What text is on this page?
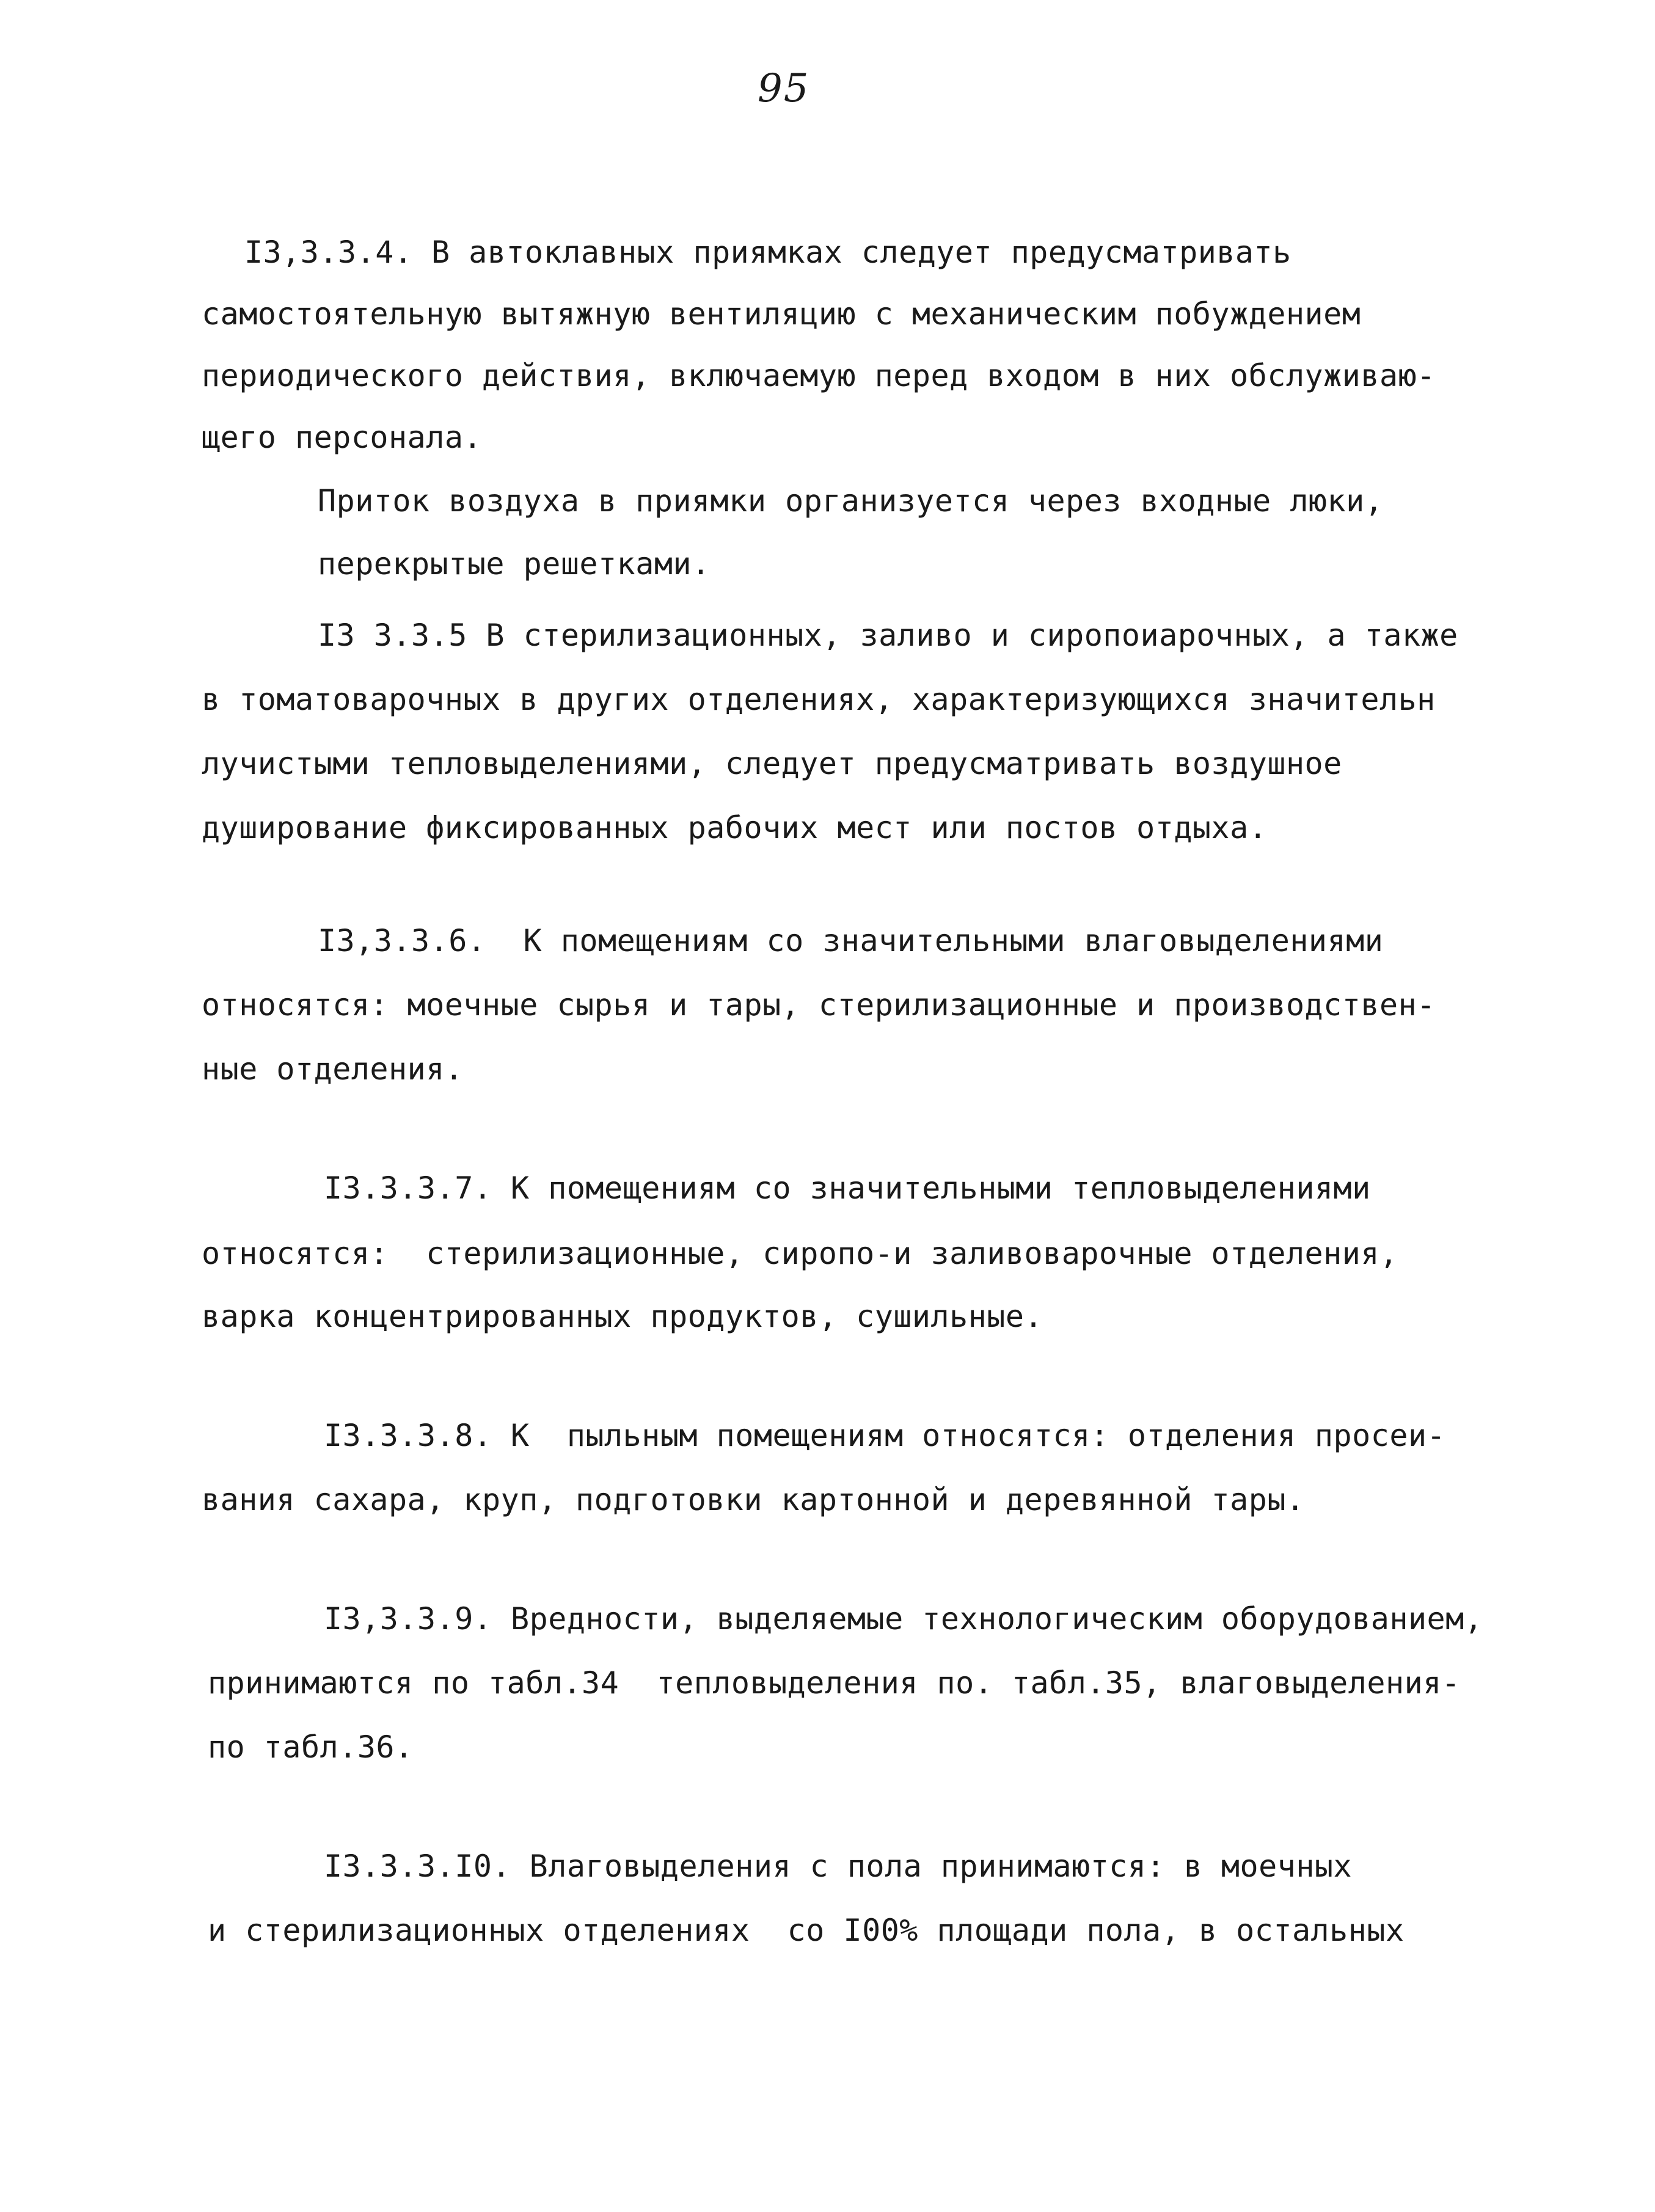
95
I3,3.3.4. В автоклавных приямках следует предусматривать
самостоятельную вытяжную вентиляцию с механическим побуждением
периодического действия, включаемую перед входом в них обслуживаю-
щего персонала.
Приток воздуха в приямки организуется через входные люки,
перекрытые решетками.
I3 3.3.5 В стерилизационных, заливо и сиропоиарочных, а также
в томатоварочных в других отделениях, характеризующихся значительн
лучистыми тепловыделениями, следует предусматривать воздушное
душирование фиксированных рабочих мест или постов отдыха.
I3,3.3.6.  К помещениям со значительными влаговыделениями
относятся: моечные сырья и тары, стерилизационные и производствен-
ные отделения.
I3.3.3.7. К помещениям со значительными тепловыделениями
относятся:  стерилизационные, сиропо-и заливоварочные отделения,
варка концентрированных продуктов, сушильные.
I3.3.3.8. К  пыльным помещениям относятся: отделения просеи-
вания сахара, круп, подготовки картонной и деревянной тары.
I3,3.3.9. Вредности, выделяемые технологическим оборудованием,
принимаются по табл.34  тепловыделения по. табл.35, влаговыделения-
по табл.36.
I3.3.3.I0. Влаговыделения с пола принимаются: в моечных
и стерилизационных отделениях  со I00% площади пола, в остальных
